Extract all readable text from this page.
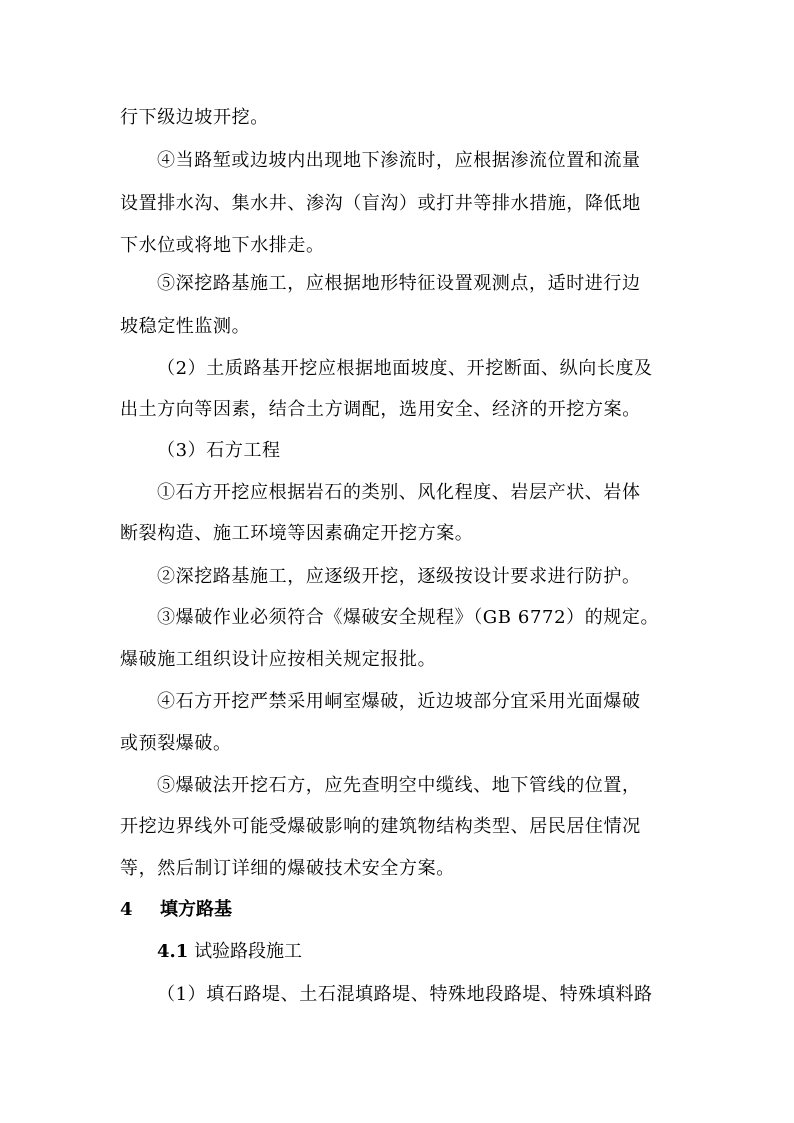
行下级边坡开挖。
④当路堑或边坡内出现地下渗流时，应根据渗流位置和流量
设置排水沟、集水井、渗沟（盲沟）或打井等排水措施，降低地
下水位或将地下水排走。
⑤深挖路基施工，应根据地形特征设置观测点，适时进行边
坡稳定性监测。
（2）土质路基开挖应根据地面坡度、开挖断面、纵向长度及
出土方向等因素，结合土方调配，选用安全、经济的开挖方案。
（3）石方工程
①石方开挖应根据岩石的类别、风化程度、岩层产状、岩体
断裂构造、施工环境等因素确定开挖方案。
②深挖路基施工，应逐级开挖，逐级按设计要求进行防护。
③爆破作业必须符合《爆破安全规程》（GB 6772）的规定。
爆破施工组织设计应按相关规定报批。
④石方开挖严禁采用峒室爆破，近边坡部分宜采用光面爆破
或预裂爆破。
⑤爆破法开挖石方，应先查明空中缆线、地下管线的位置，
开挖边界线外可能受爆破影响的建筑物结构类型、居民居住情况
等，然后制订详细的爆破技术安全方案。
4 填方路基
4.1 试验路段施工
（1）填石路堤、土石混填路堤、特殊地段路堤、特殊填料路
